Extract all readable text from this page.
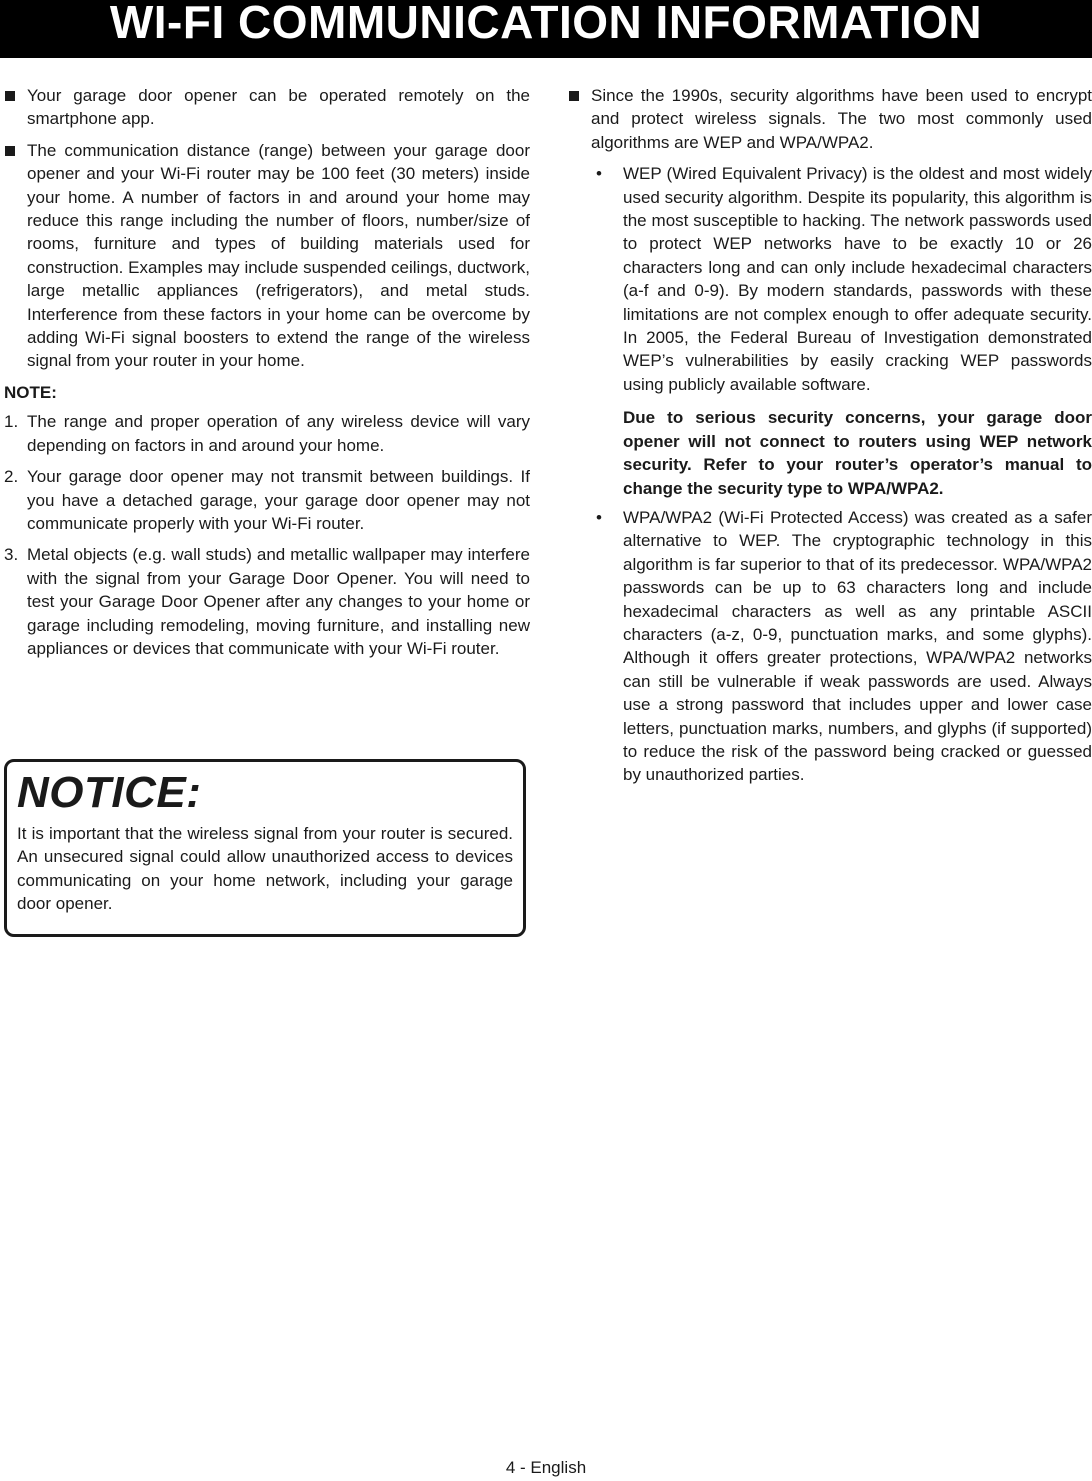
WI-FI COMMUNICATION INFORMATION
Your garage door opener can be operated remotely on the smartphone app.
The communication distance (range) between your garage door opener and your Wi-Fi router may be 100 feet (30 meters) inside your home. A number of factors in and around your home may reduce this range including the number of floors, number/size of rooms, furniture and types of building materials used for construction. Examples may include suspended ceilings, ductwork, large metallic appliances (refrigerators), and metal studs. Interference from these factors in your home can be overcome by adding Wi-Fi signal boosters to extend the range of the wireless signal from your router in your home.
NOTE:
1. The range and proper operation of any wireless device will vary depending on factors in and around your home.
2. Your garage door opener may not transmit between buildings. If you have a detached garage, your garage door opener may not communicate properly with your Wi-Fi router.
3. Metal objects (e.g. wall studs) and metallic wallpaper may interfere with the signal from your Garage Door Opener. You will need to test your Garage Door Opener after any changes to your home or garage including remodeling, moving furniture, and installing new appliances or devices that communicate with your Wi-Fi router.
NOTICE:
It is important that the wireless signal from your router is secured. An unsecured signal could allow unauthorized access to devices communicating on your home network, including your garage door opener.
Since the 1990s, security algorithms have been used to encrypt and protect wireless signals. The two most commonly used algorithms are WEP and WPA/WPA2.
• WEP (Wired Equivalent Privacy) is the oldest and most widely used security algorithm. Despite its popularity, this algorithm is the most susceptible to hacking. The network passwords used to protect WEP networks have to be exactly 10 or 26 characters long and can only include hexadecimal characters (a-f and 0-9). By modern standards, passwords with these limitations are not complex enough to offer adequate security. In 2005, the Federal Bureau of Investigation demonstrated WEP’s vulnerabilities by easily cracking WEP passwords using publicly available software.
Due to serious security concerns, your garage door opener will not connect to routers using WEP network security. Refer to your router’s operator’s manual to change the security type to WPA/WPA2.
• WPA/WPA2 (Wi-Fi Protected Access) was created as a safer alternative to WEP. The cryptographic technology in this algorithm is far superior to that of its predecessor. WPA/WPA2 passwords can be up to 63 characters long and include hexadecimal characters as well as any printable ASCII characters (a-z, 0-9, punctuation marks, and some glyphs). Although it offers greater protections, WPA/WPA2 networks can still be vulnerable if weak passwords are used. Always use a strong password that includes upper and lower case letters, punctuation marks, numbers, and glyphs (if supported) to reduce the risk of the password being cracked or guessed by unauthorized parties.
4 - English
